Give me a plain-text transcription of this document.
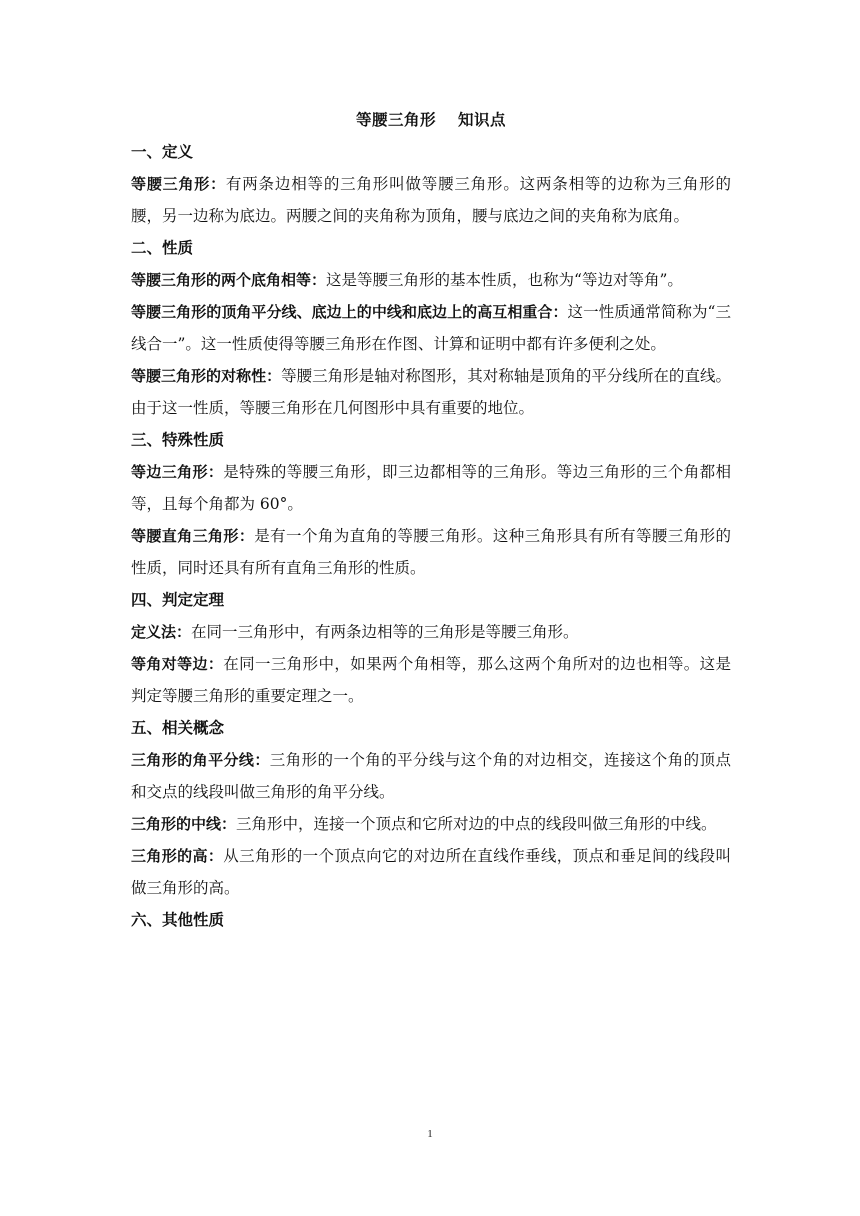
等腰三角形 知识点

一、定义

等腰三角形：有两条边相等的三角形叫做等腰三角形。这两条相等的边称为三角形的腰，另一边称为底边。两腰之间的夹角称为顶角，腰与底边之间的夹角称为底角。

二、性质

等腰三角形的两个底角相等：这是等腰三角形的基本性质，也称为“等边对等角”。

等腰三角形的顶角平分线、底边上的中线和底边上的高互相重合：这一性质通常简称为“三线合一”。这一性质使得等腰三角形在作图、计算和证明中都有许多便利之处。

等腰三角形的对称性：等腰三角形是轴对称图形，其对称轴是顶角的平分线所在的直线。由于这一性质，等腰三角形在几何图形中具有重要的地位。

三、特殊性质

等边三角形：是特殊的等腰三角形，即三边都相等的三角形。等边三角形的三个角都相等，且每个角都为 60°。

等腰直角三角形：是有一个角为直角的等腰三角形。这种三角形具有所有等腰三角形的性质，同时还具有所有直角三角形的性质。

四、判定定理

定义法：在同一三角形中，有两条边相等的三角形是等腰三角形。

等角对等边：在同一三角形中，如果两个角相等，那么这两个角所对的边也相等。这是判定等腰三角形的重要定理之一。

五、相关概念

三角形的角平分线：三角形的一个角的平分线与这个角的对边相交，连接这个角的顶点和交点的线段叫做三角形的角平分线。

三角形的中线：三角形中，连接一个顶点和它所对边的中点的线段叫做三角形的中线。

三角形的高：从三角形的一个顶点向它的对边所在直线作垂线，顶点和垂足间的线段叫做三角形的高。

六、其他性质

1
